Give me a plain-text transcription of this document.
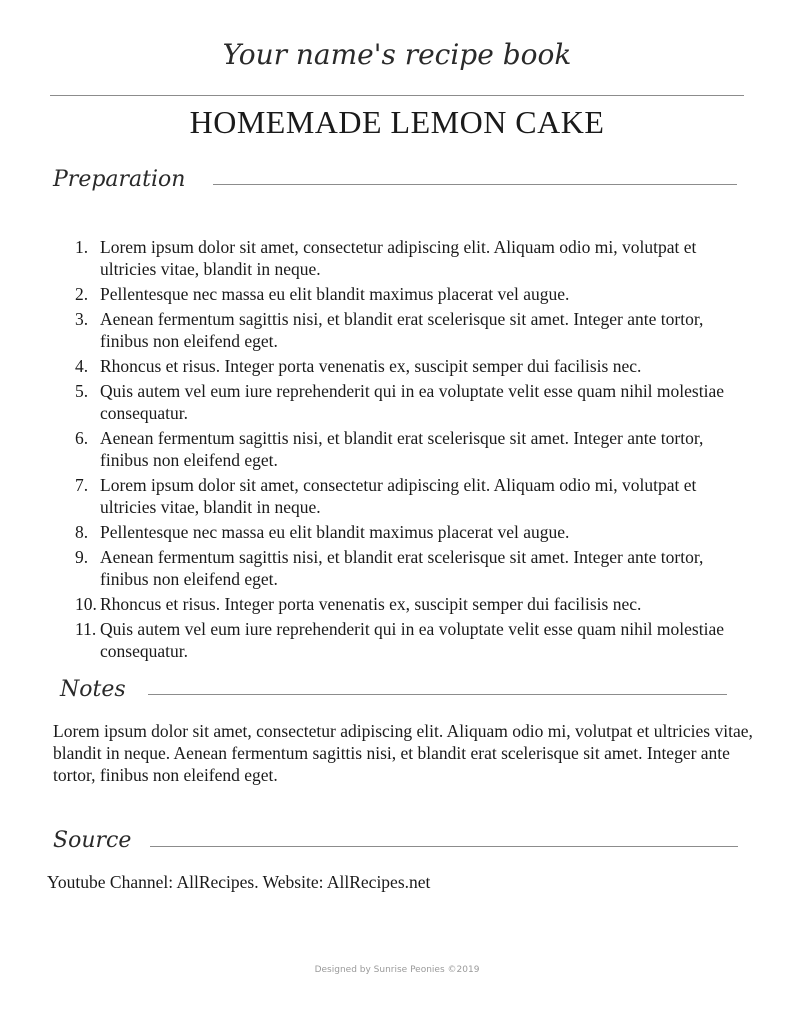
Your name's recipe book
HOMEMADE LEMON CAKE
Preparation
1. Lorem ipsum dolor sit amet, consectetur adipiscing elit. Aliquam odio mi, volutpat et ultricies vitae, blandit in neque.
2. Pellentesque nec massa eu elit blandit maximus placerat vel augue.
3. Aenean fermentum sagittis nisi, et blandit erat scelerisque sit amet. Integer ante tortor, finibus non eleifend eget.
4. Rhoncus et risus. Integer porta venenatis ex, suscipit semper dui facilisis nec.
5. Quis autem vel eum iure reprehenderit qui in ea voluptate velit esse quam nihil molestiae consequatur.
6. Aenean fermentum sagittis nisi, et blandit erat scelerisque sit amet. Integer ante tortor, finibus non eleifend eget.
7. Lorem ipsum dolor sit amet, consectetur adipiscing elit. Aliquam odio mi, volutpat et ultricies vitae, blandit in neque.
8. Pellentesque nec massa eu elit blandit maximus placerat vel augue.
9. Aenean fermentum sagittis nisi, et blandit erat scelerisque sit amet. Integer ante tortor, finibus non eleifend eget.
10. Rhoncus et risus. Integer porta venenatis ex, suscipit semper dui facilisis nec.
11. Quis autem vel eum iure reprehenderit qui in ea voluptate velit esse quam nihil molestiae consequatur.
Notes
Lorem ipsum dolor sit amet, consectetur adipiscing elit. Aliquam odio mi, volutpat et ultricies vitae, blandit in neque. Aenean fermentum sagittis nisi, et blandit erat scelerisque sit amet. Integer ante tortor, finibus non eleifend eget.
Source
Youtube Channel: AllRecipes. Website: AllRecipes.net
Designed by Sunrise Peonies ©2019
